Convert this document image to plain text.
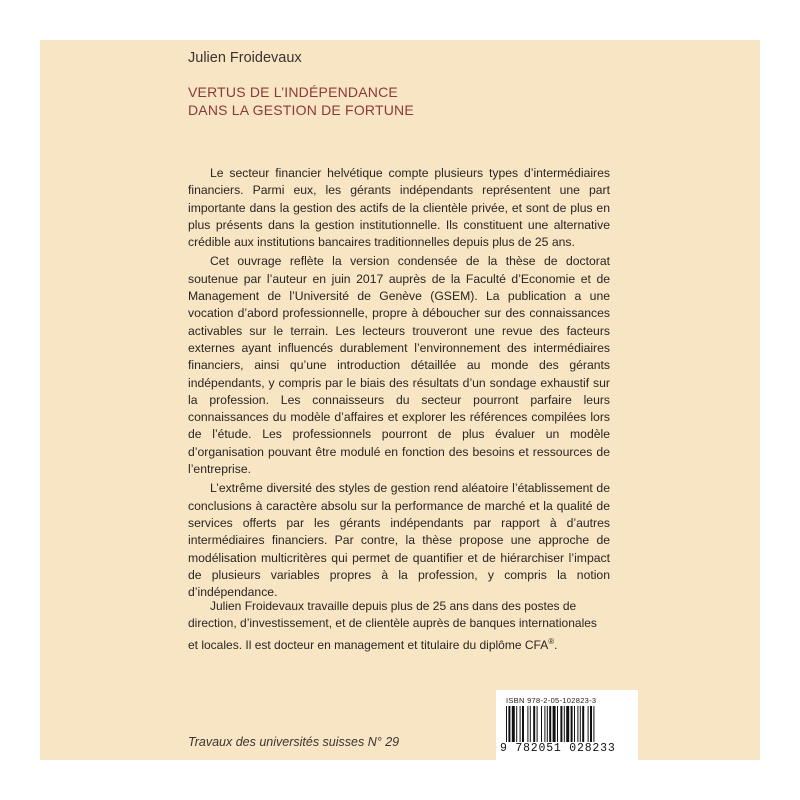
Julien Froidevaux
VERTUS DE L’INDÉPENDANCE
DANS LA GESTION DE FORTUNE

Le secteur financier helvétique compte plusieurs types d’intermédiaires financiers. Parmi eux, les gérants indépendants représentent une part importante dans la gestion des actifs de la clientèle privée, et sont de plus en plus présents dans la gestion institutionnelle. Ils constituent une alternative crédible aux institutions bancaires traditionnelles depuis plus de 25 ans.

Cet ouvrage reflète la version condensée de la thèse de doctorat soutenue par l’auteur en juin 2017 auprès de la Faculté d’Economie et de Management de l’Université de Genève (GSEM). La publication a une vocation d’abord professionnelle, propre à déboucher sur des connaissances activables sur le terrain. Les lecteurs trouveront une revue des facteurs externes ayant influencés durablement l’environnement des intermédiaires financiers, ainsi qu’une introduction détaillée au monde des gérants indépendants, y compris par le biais des résultats d’un sondage exhaustif sur la profession. Les connaisseurs du secteur pourront parfaire leurs connaissances du modèle d’affaires et explorer les références compilées lors de l’étude. Les professionnels pourront de plus évaluer un modèle d’organisation pouvant être modulé en fonction des besoins et ressources de l’entreprise.

L’extrême diversité des styles de gestion rend aléatoire l’établissement de conclusions à caractère absolu sur la performance de marché et la qualité de services offerts par les gérants indépendants par rapport à d’autres intermédiaires financiers. Par contre, la thèse propose une approche de modélisation multicritères qui permet de quantifier et de hiérarchiser l’impact de plusieurs variables propres à la profession, y compris la notion d’indépendance.

Julien Froidevaux travaille depuis plus de 25 ans dans des postes de direction, d’investissement, et de clientèle auprès de banques internationales et locales. Il est docteur en management et titulaire du diplôme CFA®.
Travaux des universités suisses N° 29
ISBN 978-2-05-102823-3
9 782051 028233
